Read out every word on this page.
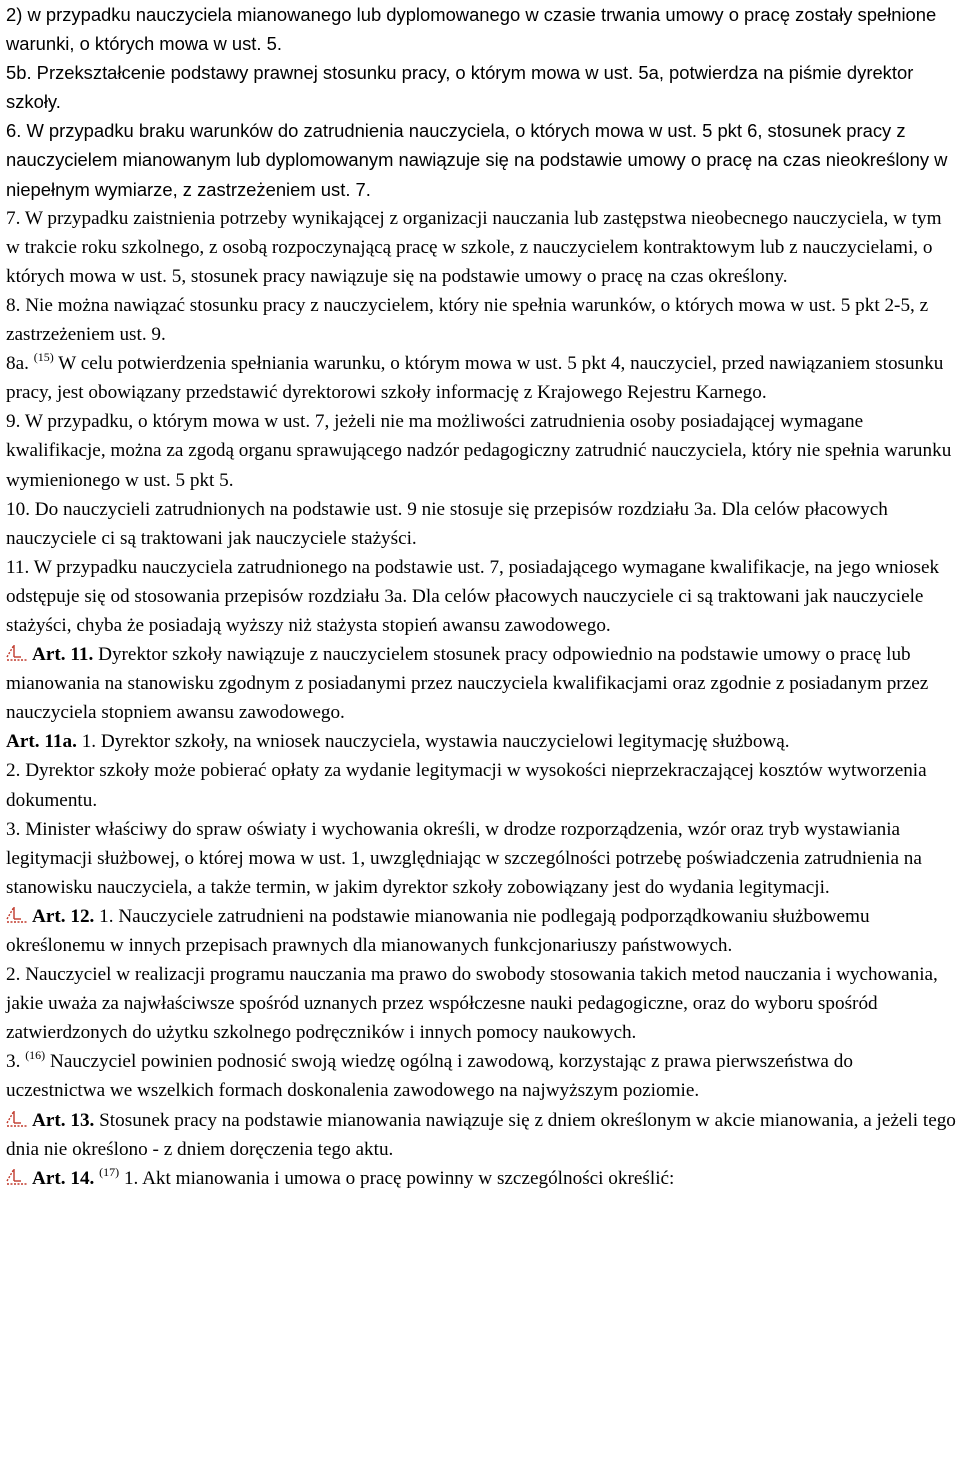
2) w przypadku nauczyciela mianowanego lub dyplomowanego w czasie trwania umowy o pracę zostały spełnione warunki, o których mowa w ust. 5.

5b. Przekształcenie podstawy prawnej stosunku pracy, o którym mowa w ust. 5a, potwierdza na piśmie dyrektor szkoły.

6. W przypadku braku warunków do zatrudnienia nauczyciela, o których mowa w ust. 5 pkt 6, stosunek pracy z nauczycielem mianowanym lub dyplomowanym nawiązuje się na podstawie umowy o pracę na czas nieokreślony w niepełnym wymiarze, z zastrzeżeniem ust. 7.

7. W przypadku zaistnienia potrzeby wynikającej z organizacji nauczania lub zastępstwa nieobecnego nauczyciela, w tym w trakcie roku szkolnego, z osobą rozpoczynającą pracę w szkole, z nauczycielem kontraktowym lub z nauczycielami, o których mowa w ust. 5, stosunek pracy nawiązuje się na podstawie umowy o pracę na czas określony.

8. Nie można nawiązać stosunku pracy z nauczycielem, który nie spełnia warunków, o których mowa w ust. 5 pkt 2-5, z zastrzeżeniem ust. 9.

8a. $^{(15)}$ W celu potwierdzenia spełniania warunku, o którym mowa w ust. 5 pkt 4, nauczyciel, przed nawiązaniem stosunku pracy, jest obowiązany przedstawić dyrektorowi szkoły informację z Krajowego Rejestru Karnego.

9. W przypadku, o którym mowa w ust. 7, jeżeli nie ma możliwości zatrudnienia osoby posiadającej wymagane kwalifikacje, można za zgodą organu sprawującego nadzór pedagogiczny zatrudnić nauczyciela, który nie spełnia warunku wymienionego w ust. 5 pkt 5.

10. Do nauczycieli zatrudnionych na podstawie ust. 9 nie stosuje się przepisów rozdziału 3a. Dla celów płacowych nauczyciele ci są traktowani jak nauczyciele stażyści.

11. W przypadku nauczyciela zatrudnionego na podstawie ust. 7, posiadającego wymagane kwalifikacje, na jego wniosek odstępuje się od stosowania przepisów rozdziału 3a. Dla celów płacowych nauczyciele ci są traktowani jak nauczyciele stażyści, chyba że posiadają wyższy niż stażysta stopień awansu zawodowego.

Art. 11. Dyrektor szkoły nawiązuje z nauczycielem stosunek pracy odpowiednio na podstawie umowy o pracę lub mianowania na stanowisku zgodnym z posiadanymi przez nauczyciela kwalifikacjami oraz zgodnie z posiadanym przez nauczyciela stopniem awansu zawodowego.

Art. 11a. 1. Dyrektor szkoły, na wniosek nauczyciela, wystawia nauczycielowi legitymację służbową.

2. Dyrektor szkoły może pobierać opłaty za wydanie legitymacji w wysokości nieprzekraczającej kosztów wytworzenia dokumentu.

3. Minister właściwy do spraw oświaty i wychowania określi, w drodze rozporządzenia, wzór oraz tryb wystawiania legitymacji służbowej, o której mowa w ust. 1, uwzględniając w szczególności potrzebę poświadczenia zatrudnienia na stanowisku nauczyciela, a także termin, w jakim dyrektor szkoły zobowiązany jest do wydania legitymacji.

Art. 12. 1. Nauczyciele zatrudnieni na podstawie mianowania nie podlegają podporządkowaniu służbowemu określonemu w innych przepisach prawnych dla mianowanych funkcjonariuszy państwowych.

2. Nauczyciel w realizacji programu nauczania ma prawo do swobody stosowania takich metod nauczania i wychowania, jakie uważa za najwłaściwsze spośród uznanych przez współczesne nauki pedagogiczne, oraz do wyboru spośród zatwierdzonych do użytku szkolnego podręczników i innych pomocy naukowych.

3. $^{(16)}$ Nauczyciel powinien podnosić swoją wiedzę ogólną i zawodową, korzystając z prawa pierwszeństwa do uczestnictwa we wszelkich formach doskonalenia zawodowego na najwyższym poziomie.

Art. 13. Stosunek pracy na podstawie mianowania nawiązuje się z dniem określonym w akcie mianowania, a jeżeli tego dnia nie określono - z dniem doręczenia tego aktu.

Art. 14. $^{(17)}$ 1. Akt mianowania i umowa o pracę powinny w szczególności określić:
